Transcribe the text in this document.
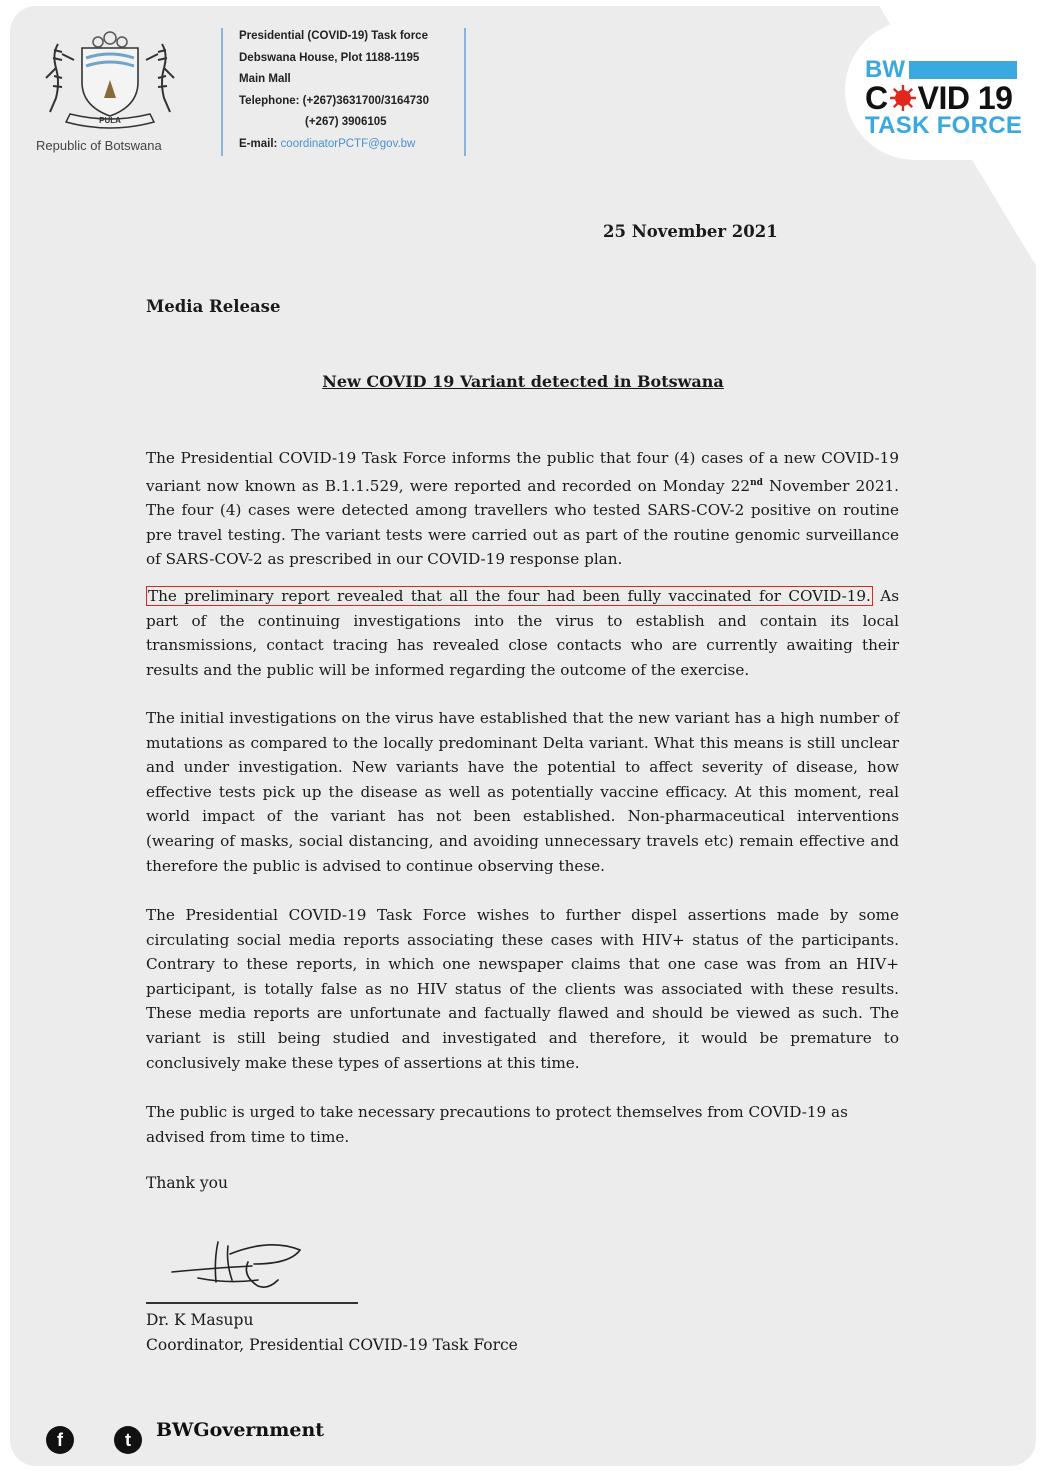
PULA
Republic of Botswana
Presidential (COVID-19) Task force
Debswana House, Plot 1188-1195
Main Mall
Telephone: (+267)3631700/3164730
(+267) 3906105
E-mail: coordinatorPCTF@gov.bw
BW
C VID 19
TASK FORCE
25 November 2021
Media Release
New COVID 19 Variant detected in Botswana

The Presidential COVID-19 Task Force informs the public that four (4) cases of a new COVID-19 variant now known as B.1.1.529, were reported and recorded on Monday 22nd November 2021. The four (4) cases were detected among travellers who tested SARS-COV-2 positive on routine pre travel testing. The variant tests were carried out as part of the routine genomic surveillance of SARS-COV-2 as prescribed in our COVID-19 response plan.

The preliminary report revealed that all the four had been fully vaccinated for COVID-19. As part of the continuing investigations into the virus to establish and contain its local transmissions, contact tracing has revealed close contacts who are currently awaiting their results and the public will be informed regarding the outcome of the exercise.

The initial investigations on the virus have established that the new variant has a high number of mutations as compared to the locally predominant Delta variant. What this means is still unclear and under investigation. New variants have the potential to affect severity of disease, how effective tests pick up the disease as well as potentially vaccine efficacy. At this moment, real world impact of the variant has not been established. Non-pharmaceutical interventions (wearing of masks, social distancing, and avoiding unnecessary travels etc) remain effective and therefore the public is advised to continue observing these.

The Presidential COVID-19 Task Force wishes to further dispel assertions made by some circulating social media reports associating these cases with HIV+ status of the participants. Contrary to these reports, in which one newspaper claims that one case was from an HIV+ participant, is totally false as no HIV status of the clients was associated with these results. These media reports are unfortunate and factually flawed and should be viewed as such. The variant is still being studied and investigated and therefore, it would be premature to conclusively make these types of assertions at this time.

The public is urged to take necessary precautions to protect themselves from COVID-19 as advised from time to time.

Thank you
Dr. K Masupu
Coordinator, Presidential COVID-19 Task Force
f	t	BWGovernment
